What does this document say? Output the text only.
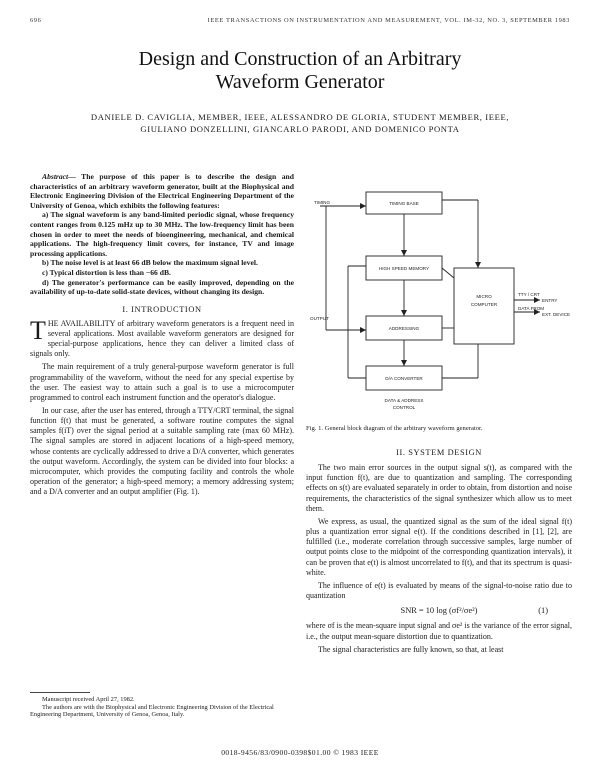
696	IEEE TRANSACTIONS ON INSTRUMENTATION AND MEASUREMENT, VOL. IM-32, NO. 3, SEPTEMBER 1983
Design and Construction of an Arbitrary
Waveform Generator
DANIELE D. CAVIGLIA, MEMBER, IEEE, ALESSANDRO DE GLORIA, STUDENT MEMBER, IEEE,
GIULIANO DONZELLINI, GIANCARLO PARODI, AND DOMENICO PONTA

Abstract— The purpose of this paper is to describe the design and characteristics of an arbitrary waveform generator, built at the Biophysical and Electronic Engineering Division of the Electrical Engineering Department of the University of Genoa, which exhibits the following features:

a) The signal waveform is any band-limited periodic signal, whose frequency content ranges from 0.125 mHz up to 30 MHz. The low-frequency limit has been chosen in order to meet the needs of bioengineering, mechanical, and chemical applications. The high-frequency limit covers, for instance, TV and image processing applications.

b) The noise level is at least 66 dB below the maximum signal level.

c) Typical distortion is less than −66 dB.

d) The generator's performance can be easily improved, depending on the availability of up-to-date solid-state devices, without changing its design.

I. INTRODUCTION

THE AVAILABILITY of arbitrary waveform generators is a frequent need in several applications. Most available waveform generators are designed for special-purpose applications, hence they can deliver a limited class of signals only.

The main requirement of a truly general-purpose waveform generator is full programmability of the waveform, without the need for any special expertise by the user. The easiest way to attain such a goal is to use a microcomputer programmed to control each instrument function and the operator's dialogue.

In our case, after the user has entered, through a TTY/CRT terminal, the signal function f(t) that must be generated, a software routine computes the signal samples f(iT) over the signal period at a suitable sampling rate (max 60 MHz). The signal samples are stored in adjacent locations of a high-speed memory, whose contents are cyclically addressed to drive a D/A converter, which generates the output waveform. Accordingly, the system can be divided into four blocks: a microcomputer, which provides the computing facility and controls the whole operation of the generator; a high-speed memory; a memory addressing system; and a D/A converter and an output amplifier (Fig. 1).

Manuscript received April 27, 1982.
The authors are with the Biophysical and Electronic Engineering Division of the Electrical Engineering Department, University of Genoa, Genoa, Italy.
TIMING BASE
HIGH SPEED MEMORY
ADDRESSING
MICRO
COMPUTER
D/A CONVERTER
TIMING
TTY / CRT
ENTRY
DATA FROM
EXT. DEVICE
OUTPUT
DATA & ADDRESS
CONTROL
Fig. 1. General block diagram of the arbitrary waveform generator.

II. SYSTEM DESIGN

The two main error sources in the output signal s(t), as compared with the input function f(t), are due to quantization and sampling. The corresponding effects on s(t) are evaluated separately in order to obtain, from distortion and noise requirements, the characteristics of the signal synthesizer which allow us to meet them.

We express, as usual, the quantized signal as the sum of the ideal signal f(t) plus a quantization error signal e(t). If the conditions described in [1], [2], are fulfilled (i.e., moderate correlation through successive samples, large number of output points close to the midpoint of the corresponding quantization intervals), it can be proven that e(t) is almost uncorrelated to f(t), and that its spectrum is quasi-white.

The influence of e(t) is evaluated by means of the signal-to-noise ratio due to quantization

SNR = 10 log (σf²/σe²)	(1)

where σf is the mean-square input signal and σe² is the variance of the error signal, i.e., the output mean-square distortion due to quantization.

The signal characteristics are fully known, so that, at least

0018-9456/83/0900-0398$01.00 © 1983 IEEE
